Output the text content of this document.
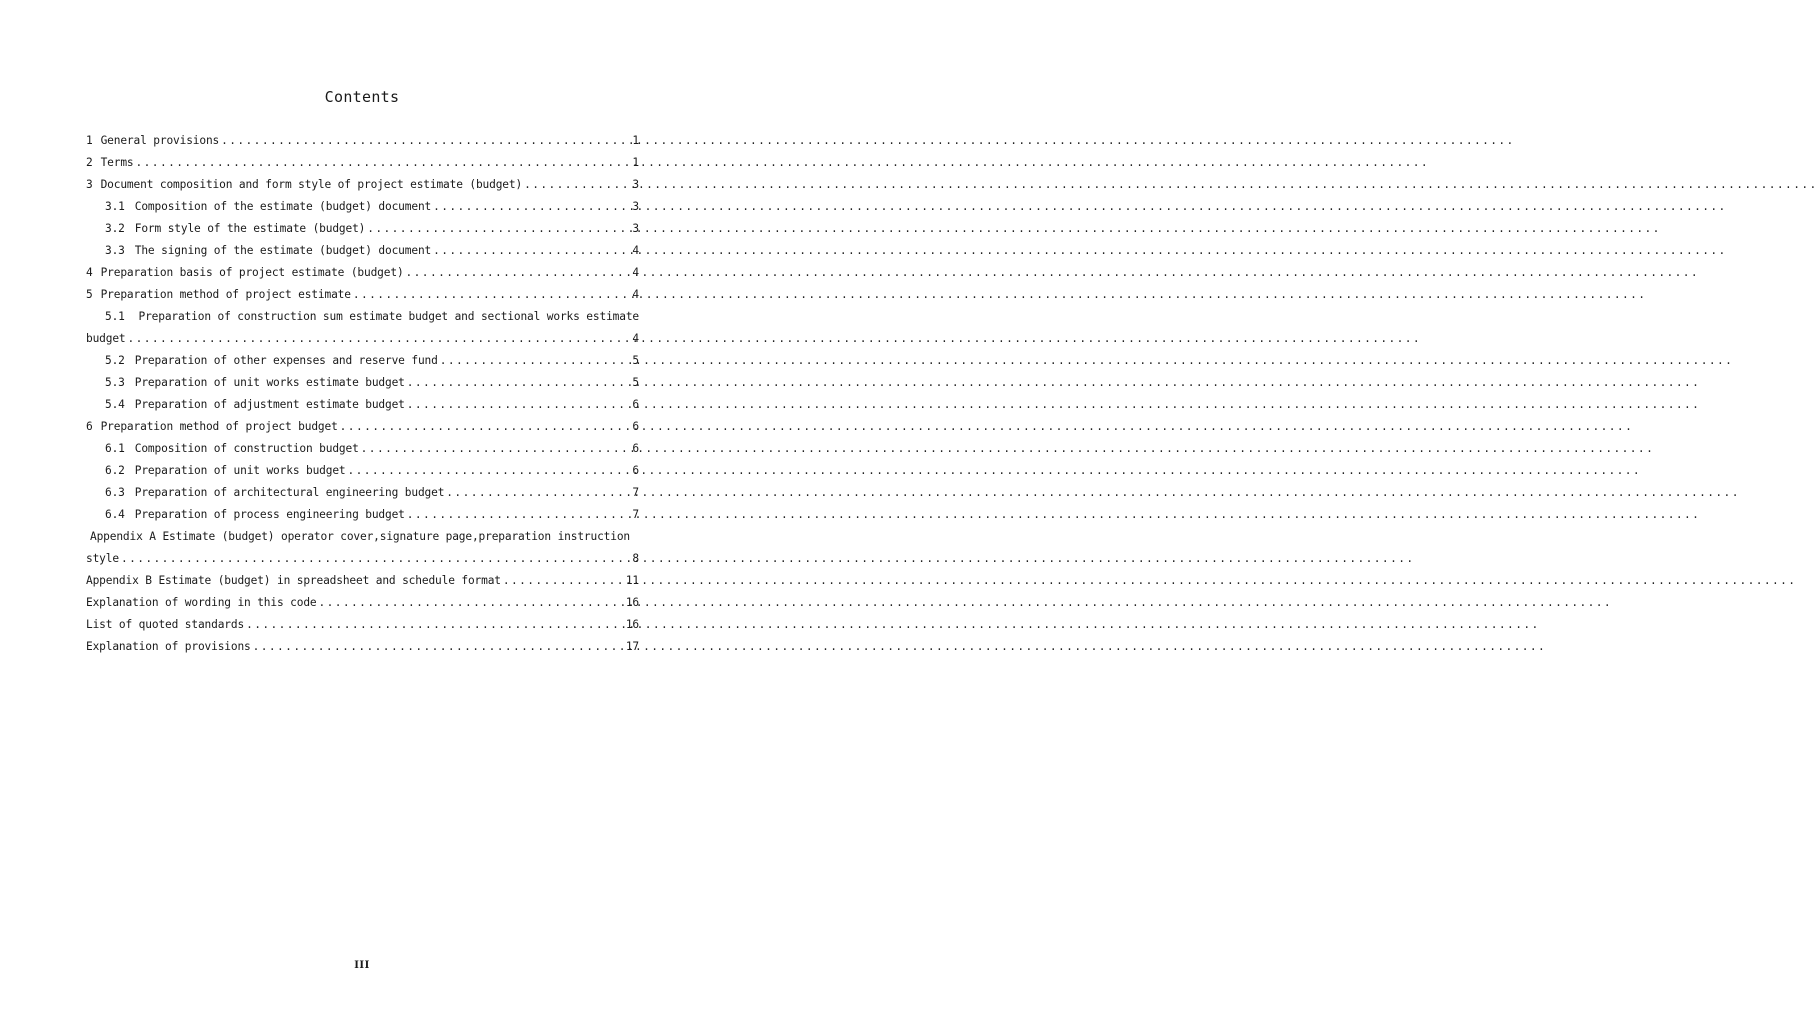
Contents
1 General provisions .....	1
2 Terms .....	1
3 Document composition and form style of project estimate (budget) .....	3
3.1 Composition of the estimate (budget) document .....	3
3.2 Form style of the estimate (budget) .....	3
3.3 The signing of the estimate (budget) document .....	4
4 Preparation basis of project estimate (budget) .....	4
5 Preparation method of project estimate .....	4
5.1 Preparation of construction sum estimate budget and sectional works estimate
budget .....	4
5.2 Preparation of other expenses and reserve fund .....	5
5.3 Preparation of unit works estimate budget .....	5
5.4 Preparation of adjustment estimate budget .....	6
6 Preparation method of project budget .....	6
6.1 Composition of construction budget .....	6
6.2 Preparation of unit works budget .....	6
6.3 Preparation of architectural engineering budget .....	7
6.4 Preparation of process engineering budget .....	7
Appendix A Estimate (budget) operator cover,signature page,preparation instruction
style .....	8
Appendix B Estimate (budget) in spreadsheet and schedule format .....	11
Explanation of wording in this code .....	16
List of quoted standards .....	16
Explanation of provisions .....	17
III
